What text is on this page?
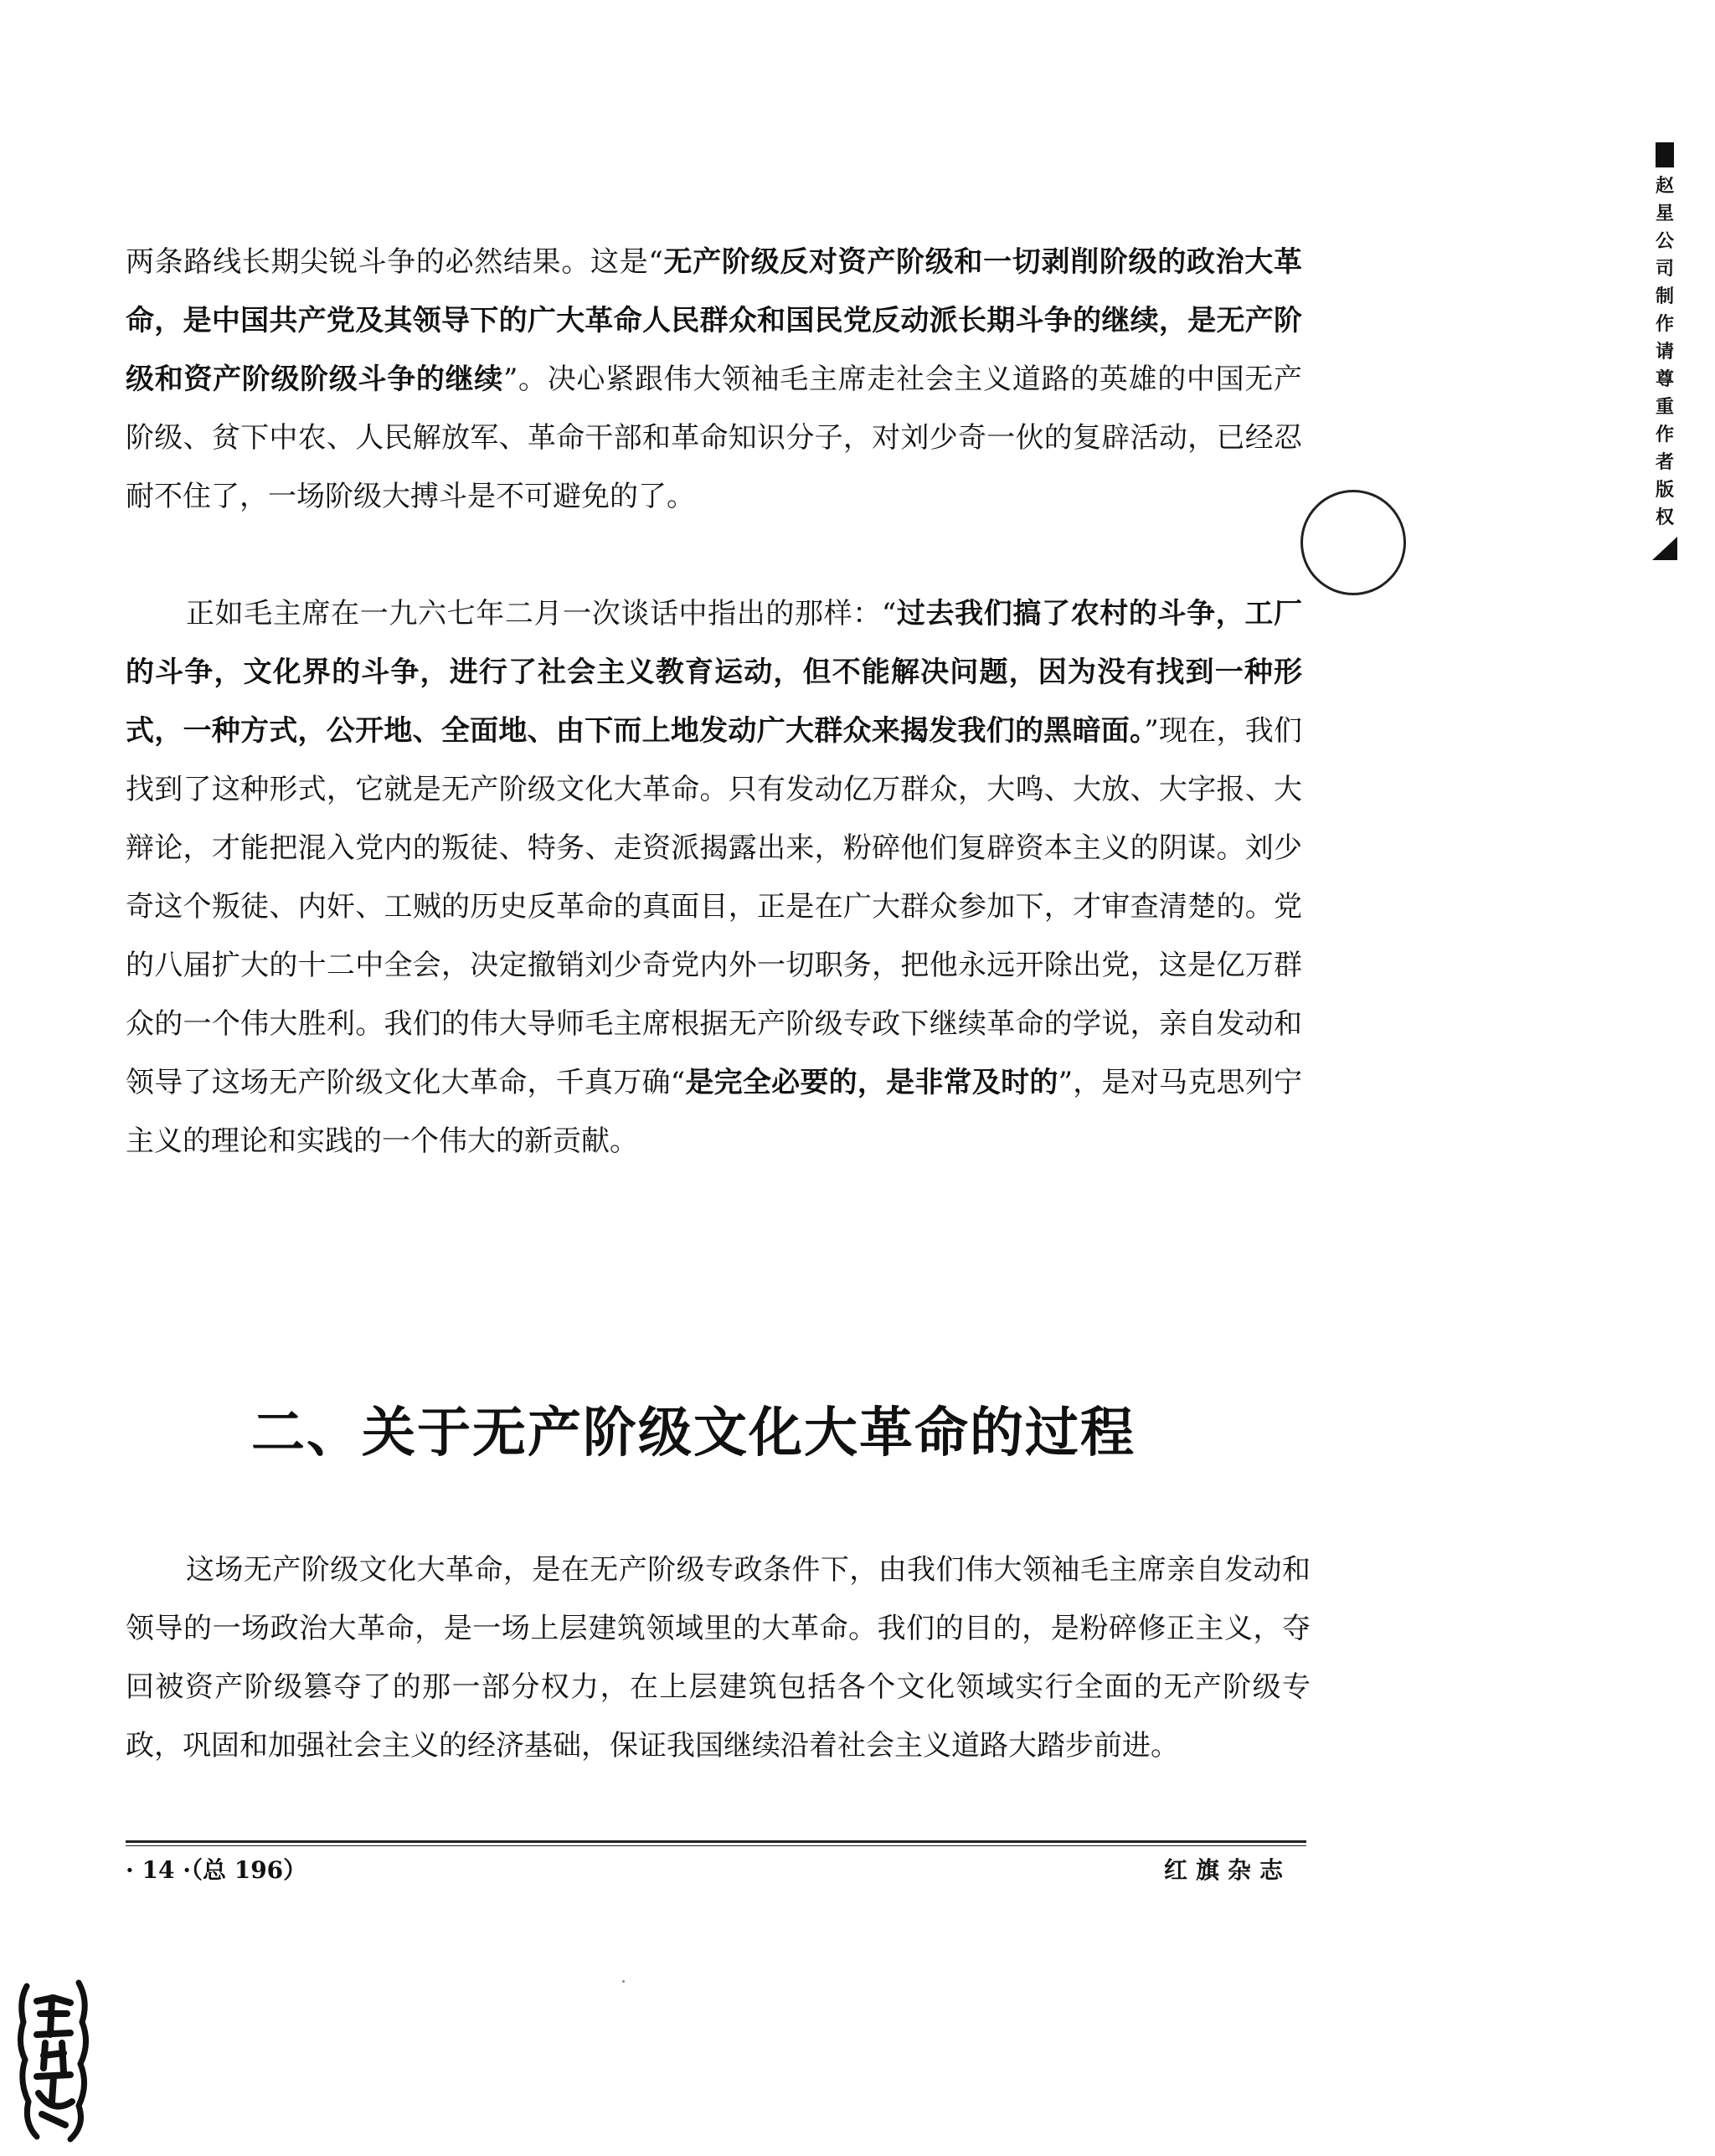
两条路线长期尖锐斗争的必然结果。这是“无产阶级反对资产阶级和一切剥削阶级的政治大革命，是中国共产党及其领导下的广大革命人民群众和国民党反动派长期斗争的继续，是无产阶级和资产阶级阶级斗争的继续”。决心紧跟伟大领袖毛主席走社会主义道路的英雄的中国无产阶级、贫下中农、人民解放军、革命干部和革命知识分子，对刘少奇一伙的复辟活动，已经忍耐不住了，一场阶级大搏斗是不可避免的了。

正如毛主席在一九六七年二月一次谈话中指出的那样：“过去我们搞了农村的斗争，工厂的斗争，文化界的斗争，进行了社会主义教育运动，但不能解决问题，因为没有找到一种形式，一种方式，公开地、全面地、由下而上地发动广大群众来揭发我们的黑暗面。”现在，我们找到了这种形式，它就是无产阶级文化大革命。只有发动亿万群众，大鸣、大放、大字报、大辩论，才能把混入党内的叛徒、特务、走资派揭露出来，粉碎他们复辟资本主义的阴谋。刘少奇这个叛徒、内奸、工贼的历史反革命的真面目，正是在广大群众参加下，才审查清楚的。党的八届扩大的十二中全会，决定撤销刘少奇党内外一切职务，把他永远开除出党，这是亿万群众的一个伟大胜利。我们的伟大导师毛主席根据无产阶级专政下继续革命的学说，亲自发动和领导了这场无产阶级文化大革命，千真万确“是完全必要的，是非常及时的”，是对马克思列宁主义的理论和实践的一个伟大的新贡献。

二、关于无产阶级文化大革命的过程

这场无产阶级文化大革命，是在无产阶级专政条件下，由我们伟大领袖毛主席亲自发动和领导的一场政治大革命，是一场上层建筑领域里的大革命。我们的目的，是粉碎修正主义，夺回被资产阶级篡夺了的那一部分权力，在上层建筑包括各个文化领域实行全面的无产阶级专政，巩固和加强社会主义的经济基础，保证我国继续沿着社会主义道路大踏步前进。

· 14 ·（总 196）	红旗杂志
赵
星
公
司
制
作
请
尊
重
作
者
版
权
